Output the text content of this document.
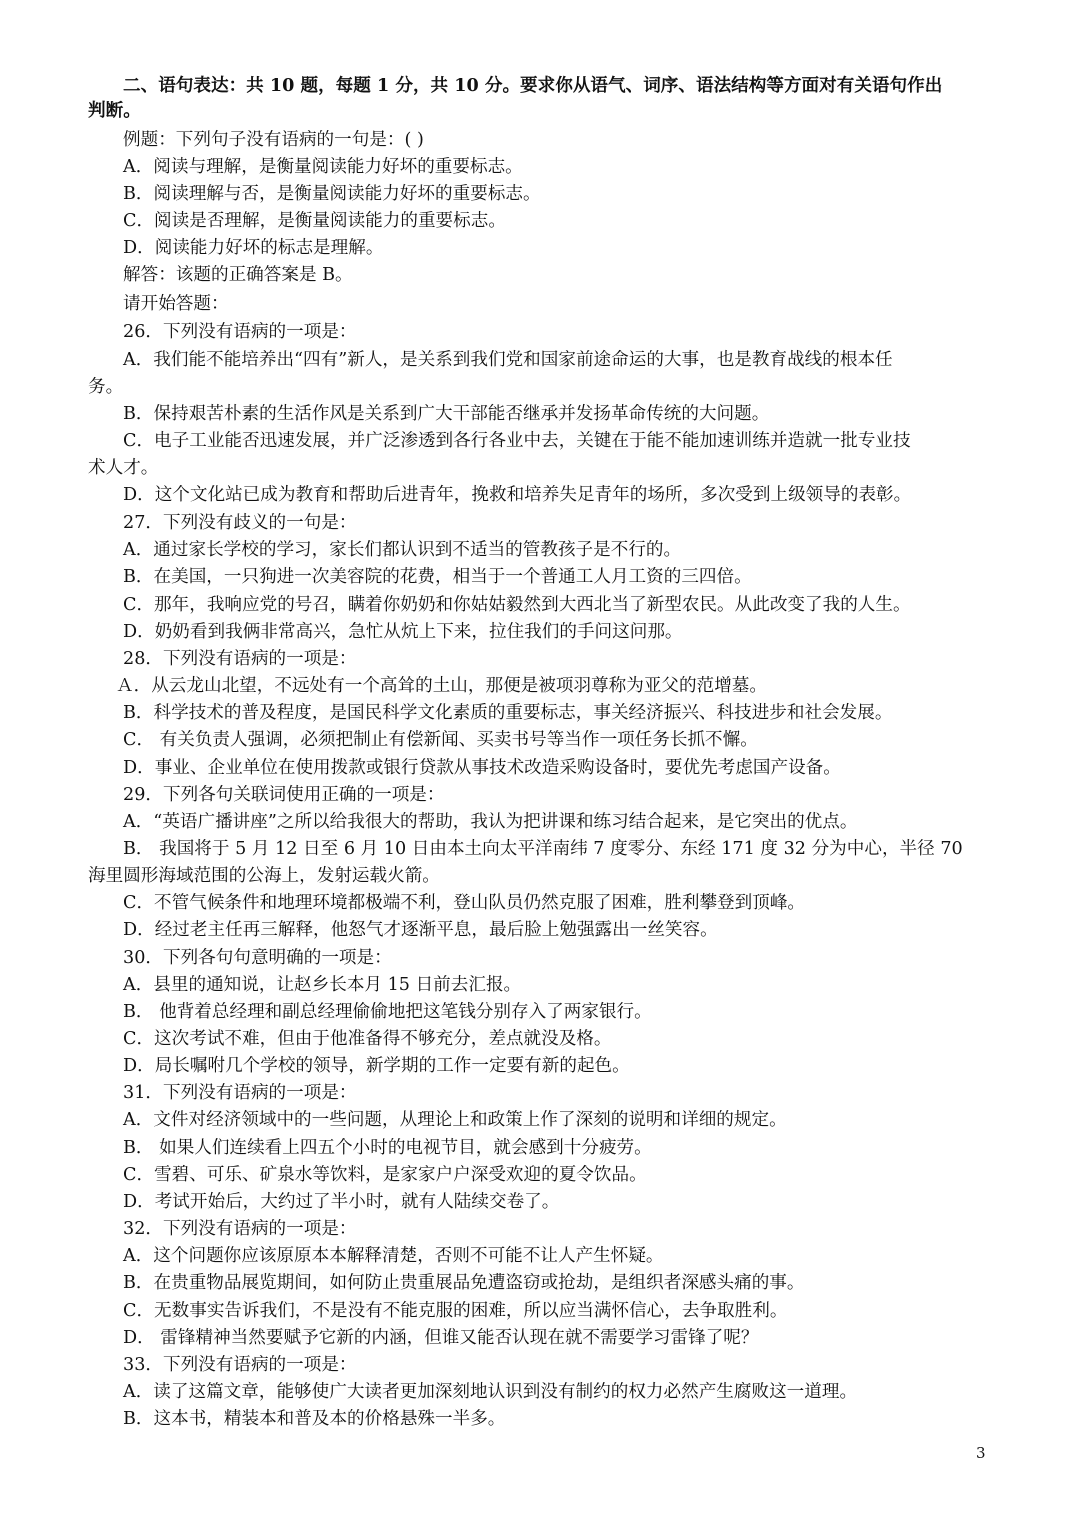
二、语句表达：共 10 题，每题 1 分，共 10 分。要求你从语气、词序、语法结构等方面对有关语句作出
判断。
例题：下列句子没有语病的一句是：( )
A．阅读与理解，是衡量阅读能力好坏的重要标志。
B．阅读理解与否，是衡量阅读能力好坏的重要标志。
C．阅读是否理解，是衡量阅读能力的重要标志。
D．阅读能力好坏的标志是理解。
解答：该题的正确答案是 B。
请开始答题：
26．下列没有语病的一项是：
A．我们能不能培养出“四有”新人，是关系到我们党和国家前途命运的大事，也是教育战线的根本任
务。
B．保持艰苦朴素的生活作风是关系到广大干部能否继承并发扬革命传统的大问题。
C．电子工业能否迅速发展，并广泛渗透到各行各业中去，关键在于能不能加速训练并造就一批专业技
术人才。
D．这个文化站已成为教育和帮助后进青年，挽救和培养失足青年的场所，多次受到上级领导的表彰。
27．下列没有歧义的一句是：
A．通过家长学校的学习，家长们都认识到不适当的管教孩子是不行的。
B．在美国，一只狗进一次美容院的花费，相当于一个普通工人月工资的三四倍。
C．那年，我响应党的号召，瞒着你奶奶和你姑姑毅然到大西北当了新型农民。从此改变了我的人生。
D．奶奶看到我俩非常高兴，急忙从炕上下来，拉住我们的手问这问那。
28．下列没有语病的一项是：
Ａ．从云龙山北望，不远处有一个高耸的土山，那便是被项羽尊称为亚父的范增墓。
B．科学技术的普及程度，是国民科学文化素质的重要标志，事关经济振兴、科技进步和社会发展。
C． 有关负责人强调，必须把制止有偿新闻、买卖书号等当作一项任务长抓不懈。
D．事业、企业单位在使用拨款或银行贷款从事技术改造采购设备时，要优先考虑国产设备。
29．下列各句关联词使用正确的一项是：
A．“英语广播讲座”之所以给我很大的帮助，我认为把讲课和练习结合起来，是它突出的优点。
B． 我国将于 5 月 12 日至 6 月 10 日由本土向太平洋南纬 7 度零分、东经 171 度 32 分为中心，半径 70
海里圆形海域范围的公海上，发射运载火箭。
C．不管气候条件和地理环境都极端不利，登山队员仍然克服了困难，胜利攀登到顶峰。
D．经过老主任再三解释，他怒气才逐渐平息，最后脸上勉强露出一丝笑容。
30．下列各句句意明确的一项是：
A．县里的通知说，让赵乡长本月 15 日前去汇报。
B． 他背着总经理和副总经理偷偷地把这笔钱分别存入了两家银行。
C．这次考试不难，但由于他准备得不够充分，差点就没及格。
D．局长嘱咐几个学校的领导，新学期的工作一定要有新的起色。
31．下列没有语病的一项是：
A．文件对经济领域中的一些问题，从理论上和政策上作了深刻的说明和详细的规定。
B． 如果人们连续看上四五个小时的电视节目，就会感到十分疲劳。
C．雪碧、可乐、矿泉水等饮料，是家家户户深受欢迎的夏令饮品。
D．考试开始后，大约过了半小时，就有人陆续交卷了。
32．下列没有语病的一项是：
A．这个问题你应该原原本本解释清楚，否则不可能不让人产生怀疑。
B．在贵重物品展览期间，如何防止贵重展品免遭盗窃或抢劫，是组织者深感头痛的事。
C．无数事实告诉我们，不是没有不能克服的困难，所以应当满怀信心，去争取胜利。
D． 雷锋精神当然要赋予它新的内涵，但谁又能否认现在就不需要学习雷锋了呢？
33．下列没有语病的一项是：
A．读了这篇文章，能够使广大读者更加深刻地认识到没有制约的权力必然产生腐败这一道理。
B．这本书，精装本和普及本的价格悬殊一半多。
3
